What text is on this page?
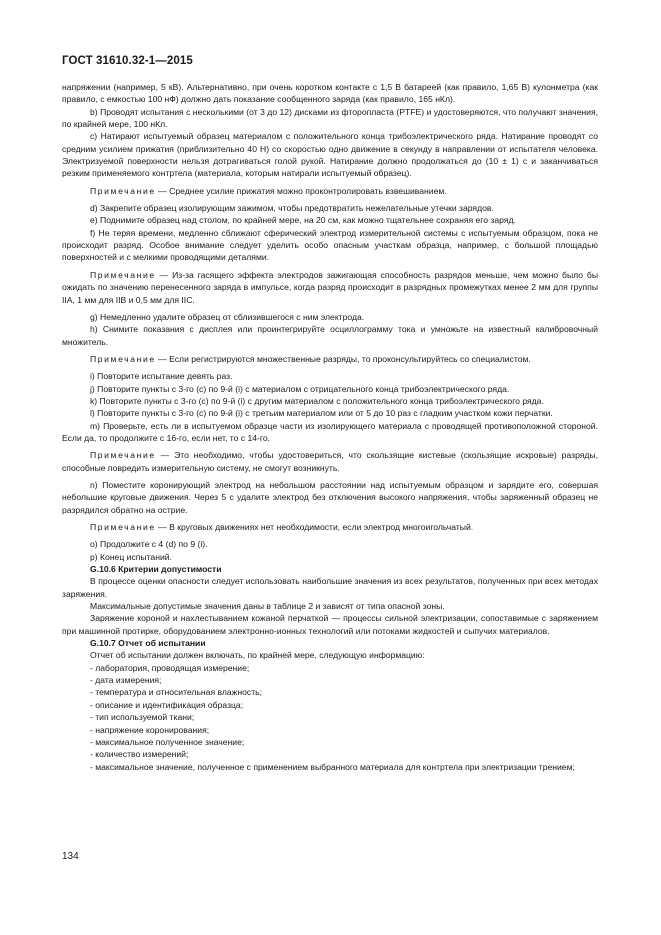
ГОСТ 31610.32-1—2015

напряжении (например, 5 кВ). Альтернативно, при очень коротком контакте с 1,5 В батареей (как правило, 1,65 В) кулонметра (как правило, с емкостью 100 нФ) должно дать показание сообщенного заряда (как правило, 165 нКл).

b) Проводят испытания с несколькими (от 3 до 12) дисками из фторопласта (PTFE) и удостоверяются, что получают значения, по крайней мере, 100 нКл.

c) Натирают испытуемый образец материалом с положительного конца трибоэлектрического ряда. Натирание проводят со средним усилием прижатия (приблизительно 40 Н) со скоростью одно движение в секунду в направлении от испытателя человека. Электризуемой поверхности нельзя дотрагиваться голой рукой. Натирание должно продолжаться до (10 ± 1) с и заканчиваться резким применяемого контртела (материала, которым натирали испытуемый образец).

Примечание — Среднее усилие прижатия можно проконтролировать взвешиванием.

d) Закрепите образец изолирующим зажимом, чтобы предотвратить нежелательные утечки зарядов.

e) Поднимите образец над столом, по крайней мере, на 20 см, как можно тщательнее сохраняя его заряд.

f) Не теряя времени, медленно сближают сферический электрод измерительной системы с испытуемым образцом, пока не происходит разряд. Особое внимание следует уделить особо опасным участкам образца, например, с большой площадью поверхностей и с мелкими проводящими деталями.

Примечание — Из-за гасящего эффекта электродов зажигающая способность разрядов меньше, чем можно было бы ожидать по значению перенесенного заряда в импульсе, когда разряд происходит в разрядных промежутках менее 2 мм для группы IIA, 1 мм для IIB и 0,5 мм для IIC.

g) Немедленно удалите образец от сблизившегося с ним электрода.

h) Снимите показания с дисплея или проинтегрируйте осциллограмму тока и умножьте на известный калибровочный множитель.

Примечание — Если регистрируются множественные разряды, то проконсультируйтесь со специалистом.

i) Повторите испытание девять раз.

j) Повторите пункты с 3-го (с) по 9-й (i) с материалом с отрицательного конца трибоэлектрического ряда.

k) Повторите пункты с 3-го (с) по 9-й (i) с другим материалом с положительного конца трибоэлектрического ряда.

l) Повторите пункты с 3-го (с) по 9-й (i) с третьим материалом или от 5 до 10 раз с гладким участком кожи перчатки.

m) Проверьте, есть ли в испытуемом образце части из изолирующего материала с проводящей противоположной стороной. Если да, то продолжите с 16-го, если нет, то с 14-го.

Примечание — Это необходимо, чтобы удостовериться, что скользящие кистевые (скользящие искровые) разряды, способные повредить измерительную систему, не смогут возникнуть.

n) Поместите коронирующий электрод на небольшом расстоянии над испытуемым образцом и зарядите его, совершая небольшие круговые движения. Через 5 с удалите электрод без отключения высокого напряжения, чтобы заряженный образец не разрядился обратно на острие.

Примечание — В круговых движениях нет необходимости, если электрод многоигольчатый.

o) Продолжите с 4 (d) по 9 (i).

p) Конец испытаний.

G.10.6 Критерии допустимости

В процессе оценки опасности следует использовать наибольшие значения из всех результатов, полученных при всех методах заряжения.

Максимальные допустимые значения даны в таблице 2 и зависят от типа опасной зоны.

Заряжение короной и нахлестыванием кожаной перчаткой — процессы сильной электризации, сопоставимые с заряжением при машинной протирке, оборудованием электронно-ионных технологий или потоками жидкостей и сыпучих материалов.

G.10.7 Отчет об испытании

Отчет об испытании должен включать, по крайней мере, следующую информацию:

- лаборатория, проводящая измерение;

- дата измерения;

- температура и относительная влажность;

- описание и идентификация образца;

- тип используемой ткани;

- напряжение коронирования;

- максимальное полученное значение;

- количество измерений;

- максимальное значение, полученное с применением выбранного материала для контртела при электризации трением;

134
